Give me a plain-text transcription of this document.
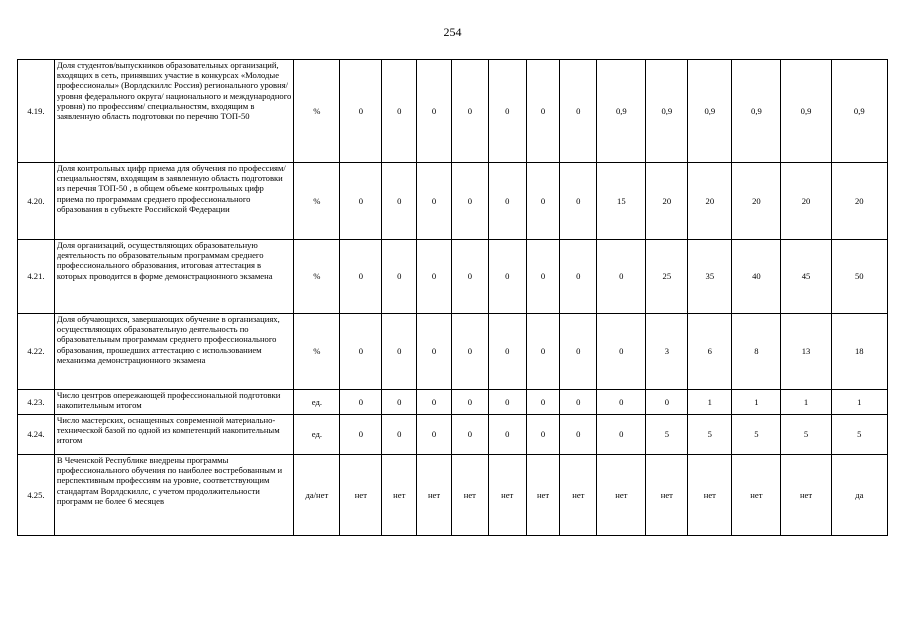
254
4.19.	Доля студентов/выпускников образовательных организаций, входящих в сеть, принявших участие в конкурсах «Молодые профессионалы» (Ворлдскиллс Россия) регионального уровня/ уровня федерального округа/ национального и международного уровня) по профессиям/ специальностям, входящим в заявленную область подготовки по перечню ТОП-50	%	0	0	0	0	0	0	0	0,9	0,9	0,9	0,9	0,9	0,9
4.20.	Доля контрольных цифр приема для обучения по профессиям/ специальностям, входящим в заявленную область подготовки из перечня ТОП-50 , в общем объеме контрольных цифр приема по программам среднего профессионального образования в субъекте Российской Федерации	%	0	0	0	0	0	0	0	15	20	20	20	20	20
4.21.	Доля организаций, осуществляющих образовательную деятельность по образовательным программам среднего профессионального образования, итоговая аттестация в которых проводится в форме демонстрационного экзамена	%	0	0	0	0	0	0	0	0	25	35	40	45	50
4.22.	Доля обучающихся, завершающих обучение в организациях, осуществляющих образовательную деятельность по образовательным программам среднего профессионального образования, прошедших аттестацию с использованием механизма демонстрационного экзамена	%	0	0	0	0	0	0	0	0	3	6	8	13	18
4.23.	Число центров опережающей профессиональной подготовки накопительным итогом	ед.	0	0	0	0	0	0	0	0	0	1	1	1	1
4.24.	Число мастерских, оснащенных современной материально-технической базой по одной из компетенций накопительным итогом	ед.	0	0	0	0	0	0	0	0	5	5	5	5	5
4.25.	В Чеченской Республике внедрены программы профессионального обучения по наиболее востребованным и перспективным профессиям на уровне, соответствующим стандартам Ворлдскиллс, с учетом продолжительности программ не более 6 месяцев	да/нет	нет	нет	нет	нет	нет	нет	нет	нет	нет	нет	нет	нет	да
